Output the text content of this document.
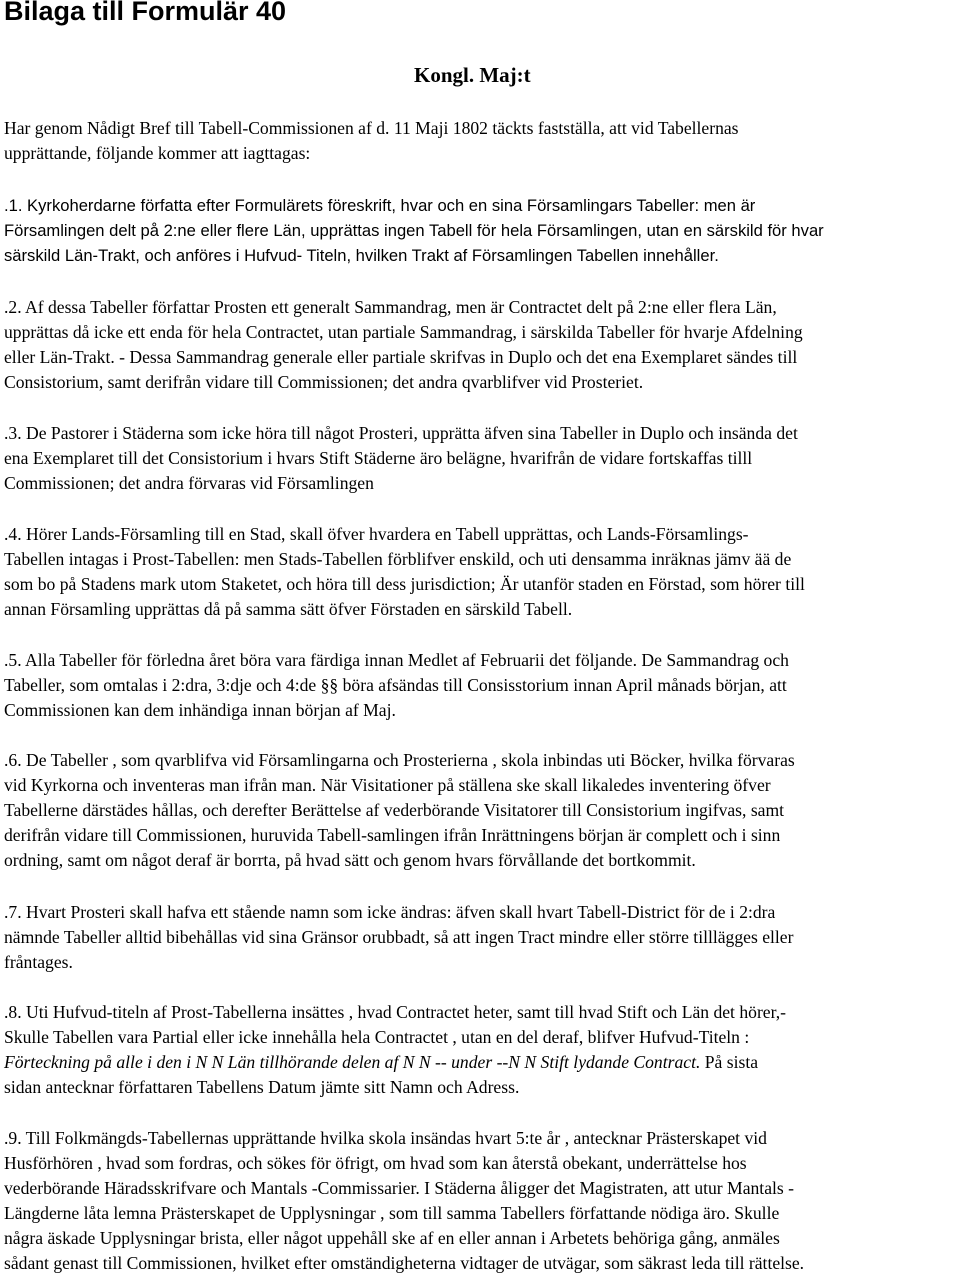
Bilaga till Formulär 40
Kongl. Maj:t

Har genom Nådigt Bref till Tabell-Commissionen af d. 11 Maji 1802 täckts fastställa, att vid Tabellernas
upprättande, följande kommer att iagttagas:

.1. Kyrkoherdarne författa efter Formulärets föreskrift, hvar och en sina Församlingars Tabeller: men är
Församlingen delt på 2:ne eller flere Län, upprättas ingen Tabell för hela Församlingen, utan en särskild för hvar
särskild Län-Trakt, och anföres i Hufvud- Titeln, hvilken Trakt af Församlingen Tabellen innehåller.

.2. Af dessa Tabeller författar Prosten ett generalt Sammandrag, men är Contractet delt på 2:ne eller flera Län,
upprättas då icke ett enda för hela Contractet, utan partiale Sammandrag, i särskilda Tabeller för hvarje Afdelning
eller Län-Trakt. - Dessa Sammandrag generale eller partiale skrifvas in Duplo och det ena Exemplaret sändes till
Consistorium, samt derifrån vidare till Commissionen; det andra qvarblifver vid Prosteriet.

.3. De Pastorer i Städerna som icke höra till något Prosteri, upprätta äfven sina Tabeller in Duplo och insända det
ena Exemplaret till det Consistorium i hvars Stift Städerne äro belägne, hvarifrån de vidare fortskaffas tilll
Commissionen; det andra förvaras vid Församlingen

.4. Hörer Lands-Församling till en Stad, skall öfver hvardera en Tabell upprättas, och Lands-Församlings-
Tabellen intagas i Prost-Tabellen: men Stads-Tabellen förblifver enskild, och uti densamma inräknas jämv ää de
som bo på Stadens mark utom Staketet, och höra till dess jurisdiction; Är utanför staden en Förstad, som hörer till
annan Församling upprättas då på samma sätt öfver Förstaden en särskild Tabell.

.5. Alla Tabeller för förledna året böra vara färdiga innan Medlet af Februarii det följande. De Sammandrag och
Tabeller, som omtalas i 2:dra, 3:dje och 4:de §§ böra afsändas till Consisstorium innan April månads början, att
Commissionen kan dem inhändiga innan början af Maj.

.6. De Tabeller , som qvarblifva vid Församlingarna och Prosterierna , skola inbindas uti Böcker, hvilka förvaras
vid Kyrkorna och inventeras man ifrån man. När Visitationer på ställena ske skall likaledes inventering öfver
Tabellerne därstädes hållas, och derefter Berättelse af vederbörande Visitatorer till Consistorium ingifvas, samt
derifrån vidare till Commissionen, huruvida Tabell-samlingen ifrån Inrättningens början är complett och i sinn
ordning, samt om något deraf är borrta, på hvad sätt och genom hvars förvållande det bortkommit.

.7. Hvart Prosteri skall hafva ett stående namn som icke ändras: äfven skall hvart Tabell-District för de i 2:dra
nämnde Tabeller alltid bibehållas vid sina Gränsor orubbadt, så att ingen Tract mindre eller större tilllägges eller
fråntages.

.8. Uti Hufvud-titeln af Prost-Tabellerna insättes , hvad Contractet heter, samt till hvad Stift och Län det hörer,-
Skulle Tabellen vara Partial eller icke innehålla hela Contractet , utan en del deraf, blifver Hufvud-Titeln :
Förteckning på alle i den i N N Län tillhörande delen af N N -- under --N N Stift lydande Contract. På sista
sidan antecknar författaren Tabellens Datum jämte sitt Namn och Adress.

.9. Till Folkmängds-Tabellernas upprättande hvilka skola insändas hvart 5:te år , antecknar Prästerskapet vid
Husförhören , hvad som fordras, och sökes för öfrigt, om hvad som kan återstå obekant, underrättelse hos
vederbörande Häradsskrifvare och Mantals -Commissarier. I Städerna åligger det Magistraten, att utur Mantals -
Längderne låta lemna Prästerskapet de Upplysningar , som till samma Tabellers författande nödiga äro. Skulle
några äskade Upplysningar brista, eller något uppehåll ske af en eller annan i Arbetets behöriga gång, anmäles
sådant genast till Commissionen, hvilket efter omständigheterna vidtager de utvägar, som säkrast leda till rättelse.
